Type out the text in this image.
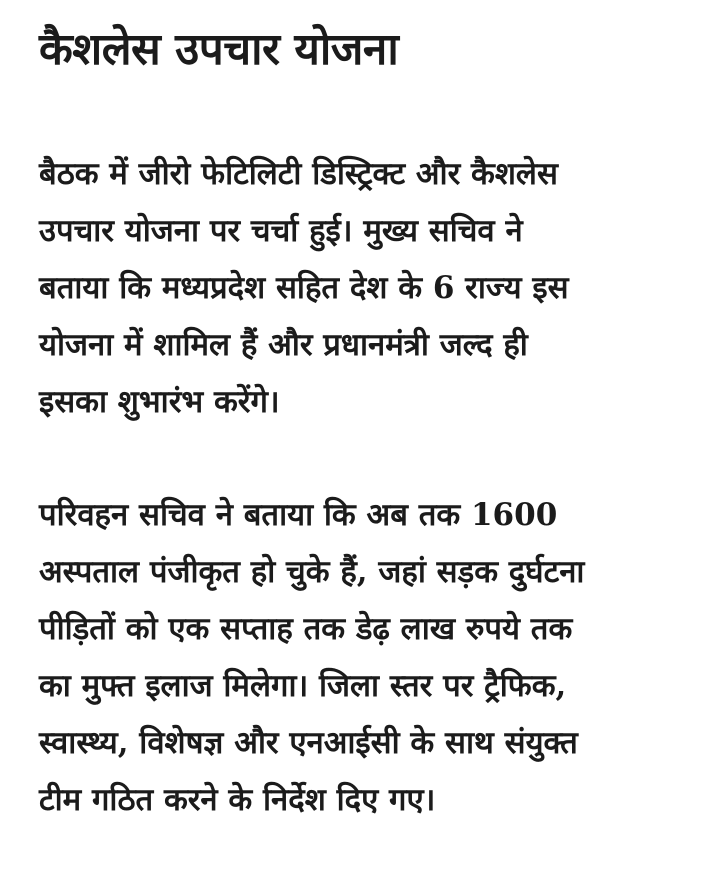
कैशलेस उपचार योजना

बैठक में जीरो फेटिलिटी डिस्ट्रिक्ट और कैशलेस
उपचार योजना पर चर्चा हुई। मुख्य सचिव ने
बताया कि मध्यप्रदेश सहित देश के 6 राज्य इस
योजना में शामिल हैं और प्रधानमंत्री जल्द ही
इसका शुभारंभ करेंगे।

परिवहन सचिव ने बताया कि अब तक 1600
अस्पताल पंजीकृत हो चुके हैं, जहां सड़क दुर्घटना
पीड़ितों को एक सप्ताह तक डेढ़ लाख रुपये तक
का मुफ्त इलाज मिलेगा। जिला स्तर पर ट्रैफिक,
स्वास्थ्य, विशेषज्ञ और एनआईसी के साथ संयुक्त
टीम गठित करने के निर्देश दिए गए।
